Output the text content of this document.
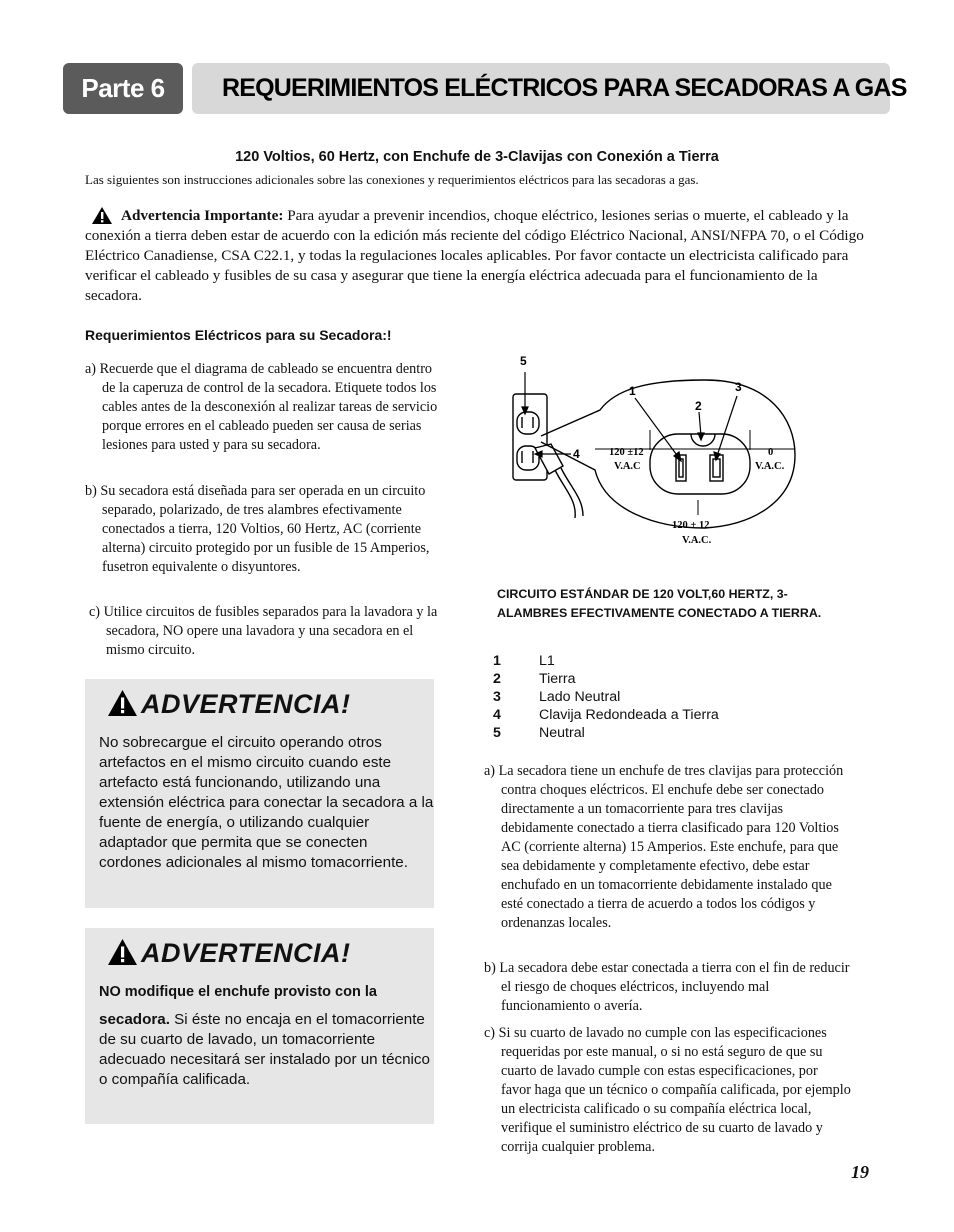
Parte 6	REQUERIMIENTOS ELÉCTRICOS PARA SECADORAS A GAS
120 Voltios, 60 Hertz, con Enchufe de 3-Clavijas con Conexión a Tierra
Las siguientes son instrucciones adicionales sobre las conexiones y requerimientos eléctricos para las secadoras a gas.
Advertencia Importante: Para ayudar a prevenir incendios, choque eléctrico, lesiones serias o muerte, el cableado y la conexión a tierra deben estar de acuerdo con la edición más reciente del código Eléctrico Nacional, ANSI/NFPA 70, o el Código Eléctrico Canadiense, CSA C22.1, y todas la regulaciones locales aplicables. Por favor contacte un electricista calificado para verificar el cableado y fusibles de su casa y asegurar que tiene la energía eléctrica adecuada para el funcionamiento de la secadora.
Requerimientos Eléctricos para su Secadora:!
a) Recuerde que el diagrama de cableado se encuentra dentro de la caperuza de control de la secadora. Etiquete todos los cables antes de la desconexión al realizar tareas de servicio porque errores en el cableado pueden ser causa de serias lesiones para usted y para su secadora.
b) Su secadora está diseñada para ser operada en un circuito separado, polarizado, de tres alambres efectivamente conectados a tierra, 120 Voltios, 60 Hertz, AC (corriente alterna) circuito protegido por un fusible de 15 Amperios, fusetron equivalente o disyuntores.
c) Utilice circuitos de fusibles separados para la lavadora y la secadora, NO opere una lavadora y una secadora en el mismo circuito.
ADVERTENCIA!
No sobrecargue el circuito operando otros artefactos en el mismo circuito cuando este artefacto está funcionando, utilizando una extensión eléctrica para conectar la secadora a la fuente de energía, o utilizando cualquier adaptador que permita que se conecten cordones adicionales al mismo tomacorriente.
ADVERTENCIA!
NO modifique el enchufe provisto con la
secadora. Si éste no encaja en el tomacorriente de su cuarto de lavado, un tomacorriente adecuado necesitará ser instalado por un técnico o compañía calificada.
5
1
2
3
4	120 ±12
V.A.C
0
V.A.C.
120 + 12
V.A.C.
CIRCUITO ESTÁNDAR DE 120 VOLT,60 HERTZ, 3-ALAMBRES EFECTIVAMENTE CONECTADO A TIERRA.
1	L1
2	Tierra
3	Lado Neutral
4	Clavija Redondeada a Tierra
5	Neutral
a) La secadora tiene un enchufe de tres clavijas para protección contra choques eléctricos. El enchufe debe ser conectado directamente a un tomacorriente para tres clavijas debidamente conectado a tierra clasificado para 120 Voltios AC (corriente alterna) 15 Amperios. Este enchufe, para que sea debidamente y completamente efectivo, debe estar enchufado en un tomacorriente debidamente instalado que esté conectado a tierra de acuerdo a todos los códigos y ordenanzas locales.
b) La secadora debe estar conectada a tierra con el fin de reducir el riesgo de choques eléctricos, incluyendo mal funcionamiento o avería.
c) Si su cuarto de lavado no cumple con las especificaciones requeridas por este manual, o si no está seguro de que su cuarto de lavado cumple con estas especificaciones, por favor haga que un técnico o compañía calificada, por ejemplo un electricista calificado o su compañía eléctrica local, verifique el suministro eléctrico de su cuarto de lavado y corrija cualquier problema.
19
